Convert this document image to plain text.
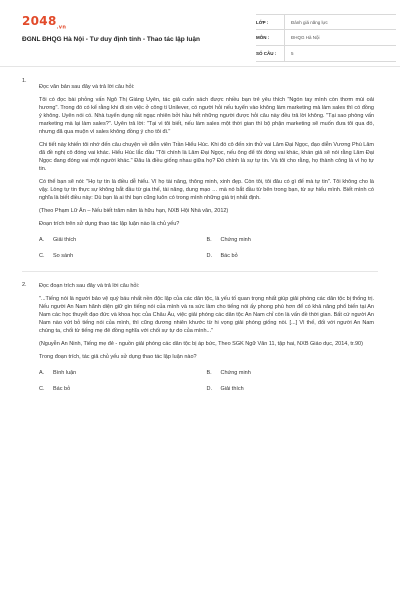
$2048_{.vn}$
ĐGNL ĐHQG Hà Nội - Tư duy định tính - Thao tác lập luận
LỚP :	Đánh giá năng lực
MÔN :	ĐHQG Hà Nội
SỐ CÂU :	5
1.
Đọc văn bản sau đây và trả lời câu hỏi:

Tôi có đọc bài phỏng vấn Ngô Thị Giáng Uyên, tác giả cuốn sách được nhiều bạn trẻ yêu thích "Ngón tay mình còn thơm mùi oải hương". Trong đó có kể rằng khi đi xin việc ở công ti Unilever, có người hỏi nếu tuyển vào không làm marketing mà làm sales thì có đồng ý không. Uyên nói có. Nhà tuyển dụng rất ngạc nhiên bởi hầu hết những người được hỏi câu này đều trả lời không. "Tại sao phòng vấn marketing mà lại làm sales?". Uyên trả lời: "Tại vì tôi biết, nếu làm sales một thời gian thì bộ phận marketing sẽ muốn đưa tôi qua đó, nhưng đã qua muộn vì sales không đồng ý cho tôi đi."

Chi tiết này khiến tôi nhớ đến câu chuyện về diễn viên Trần Hiểu Húc. Khi đó cô đến xin thử vai Lâm Đại Ngọc, đạo diễn Vương Phù Lâm đã đề nghị cô đóng vai khác. Hiểu Húc lắc đầu "Tôi chính là Lâm Đại Ngọc, nếu ông để tôi đóng vai khác, khán giả sẽ nói rằng Lâm Đại Ngọc đang đóng vai một người khác." Đâu là điều giống nhau giữa họ? Đó chính là sự tự tin. Và tôi cho rằng, họ thành công là vì họ tự tin.

Có thể bạn sẽ nói: "Họ tự tin là điều dễ hiểu. Vì họ tài năng, thông minh, xinh đẹp. Còn tôi, tôi đâu có gì để mà tự tin". Tôi không cho là vậy. Lòng tự tin thực sự không bắt đầu từ gia thế, tài năng, dung mạo … mà nó bắt đầu từ bên trong bạn, từ sự hiểu mình. Biết mình có nghĩa là biết điều này: Dù bạn là ai thì bạn cũng luôn có trong mình những giá trị nhất định.

(Theo Phạm Lữ Ân – Nếu biết trăm năm là hữu hạn, NXB Hội Nhà văn, 2012)

Đoạn trích trên sử dụng thao tác lập luận nào là chủ yếu?
A.	Giải thích	B.	Chứng minh
C.	So sánh	D.	Bác bỏ
2. Đọc đoạn trích sau đây và trả lời câu hỏi:

"...Tiếng nói là người bảo vệ quý báu nhất nền độc lập của các dân tộc, là yếu tố quan trọng nhất giúp giải phóng các dân tộc bị thống trị. Nếu người An Nam hãnh diện giữ gìn tiếng nói của mình và ra sức làm cho tiếng nói ấy phong phú hơn để có khả năng phổ biến tại An Nam các học thuyết đạo đức và khoa học của Châu Âu, việc giải phóng các dân tộc An Nam chỉ còn là vấn đề thời gian. Bất cứ người An Nam nào vứt bỏ tiếng nói của mình, thì cũng đương nhiên khước từ hi vọng giải phóng giống nòi. [...] Vì thế, đối với người An Nam chúng ta, chối từ tiếng mẹ đẻ đồng nghĩa với chối sự tự do của mình..."

(Nguyễn An Ninh, Tiếng mẹ đẻ - nguồn giải phóng các dân tộc bị áp bức, Theo SGK Ngữ Văn 11, tập hai, NXB Giáo dục, 2014, tr.90)

Trong đoạn trích, tác giả chủ yếu sử dụng thao tác lập luận nào?
A.	Bình luận	B.	Chứng minh
C.	Bác bỏ	D.	Giải thích
